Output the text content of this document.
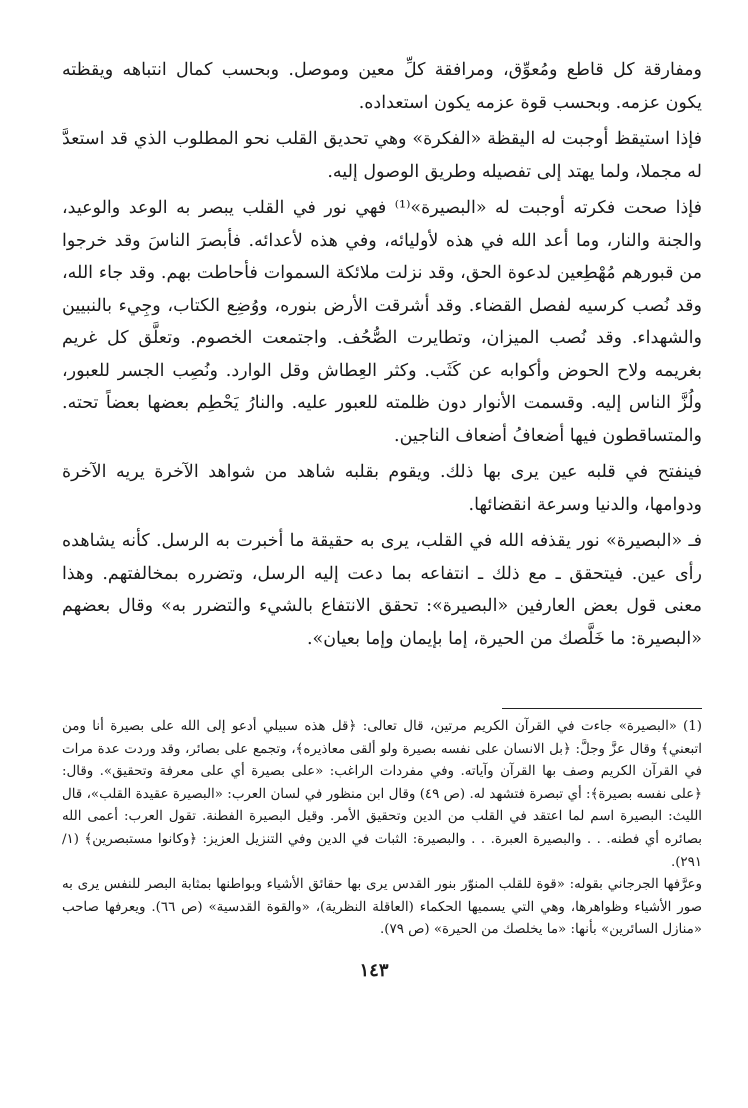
ومفارقة كل قاطع ومُعوِّق، ومرافقة كلِّ معين وموصل. وبحسب كمال انتباهه ويقظته يكون عزمه. وبحسب قوة عزمه يكون استعداده.

فإذا استيقظ أوجبت له اليقظة «الفكرة» وهي تحديق القلب نحو المطلوب الذي قد استعدَّ له مجملا، ولما يهتد إلى تفصيله وطريق الوصول إليه.

فإذا صحت فكرته أوجبت له «البصيرة»⁽¹⁾ فهي نور في القلب يبصر به الوعد والوعيد، والجنة والنار، وما أعد الله في هذه لأوليائه، وفي هذه لأعدائه. فأبصرَ الناسَ وقد خرجوا من قبورهم مُهْطِعين لدعوة الحق، وقد نزلت ملائكة السموات فأحاطت بهم. وقد جاء الله، وقد نُصب كرسيه لفصل القضاء. وقد أشرقت الأرض بنوره، ووُضِع الكتاب، وجِيء بالنبيين والشهداء. وقد نُصب الميزان، وتطايرت الصُّحُف. واجتمعت الخصوم. وتعلَّق كل غريم بغريمه ولاح الحوض وأكوابه عن كَثَب. وكثر العِطاش وقل الوارد. ونُصِب الجسر للعبور، ولُزَّ الناس إليه. وقسمت الأنوار دون ظلمته للعبور عليه. والنارُ يَحْطِم بعضها بعضاً تحته. والمتساقطون فيها أضعافُ أضعاف الناجين.

فينفتح في قلبه عين يرى بها ذلك. ويقوم بقلبه شاهد من شواهد الآخرة يريه الآخرة ودوامها، والدنيا وسرعة انقضائها.

فـ «البصيرة» نور يقذفه الله في القلب، يرى به حقيقة ما أخبرت به الرسل. كأنه يشاهده رأى عين. فيتحقق ـ مع ذلك ـ انتفاعه بما دعت إليه الرسل، وتضرره بمخالفتهم. وهذا معنى قول بعض العارفين «البصيرة»: تحقق الانتفاع بالشيء والتضرر به» وقال بعضهم «البصيرة: ما خَلَّصك من الحيرة، إما بإيمان وإما بعيان».

(1)«البصيرة» جاءت في القرآن الكريم مرتين، قال تعالى: ﴿قل هذه سبيلي أدعو إلى الله على بصيرة أنا ومن اتبعني﴾ وقال عزَّ وجلَّ: ﴿بل الانسان على نفسه بصيرة ولو ألقى معاذيره﴾، وتجمع على بصائر، وقد وردت عدة مرات في القرآن الكريم وصف بها القرآن وآياته. وفي مفردات الراغب: «على بصيرة أي على معرفة وتحقيق». وقال: ﴿على نفسه بصيرة﴾: أي تبصرة فتشهد له. (ص ٤٩) وقال ابن منظور في لسان العرب: «البصيرة عقيدة القلب»، قال الليث: البصيرة اسم لما اعتقد في القلب من الدين وتحقيق الأمر. وقيل البصيرة الفطنة. تقول العرب: أعمى الله بصائره أي فطنه. . . والبصيرة العبرة. . . والبصيرة: الثبات في الدين وفي التنزيل العزيز: ﴿وكانوا مستبصرين﴾ (١/ ٢٩١).
وعرَّفها الجرجاني بقوله: «قوة للقلب المنوّر بنور القدس يرى بها حقائق الأشياء وبواطنها بمثابة البصر للنفس يرى به صور الأشياء وظواهرها، وهي التي يسميها الحكماء (العاقلة النظرية)، «والقوة القدسية» (ص ٦٦). ويعرفها صاحب «منازل السائرين» بأنها: «ما يخلصك من الحيرة» (ص ٧٩).
١٤٣
